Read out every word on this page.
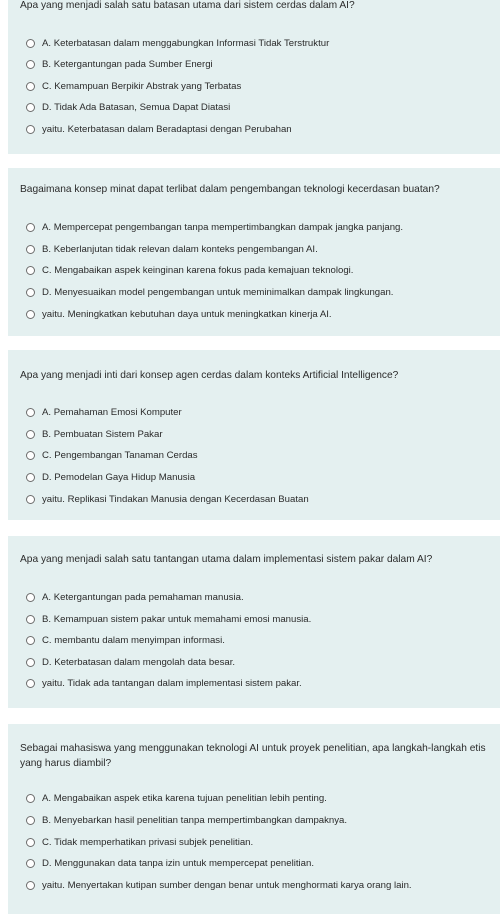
Apa yang menjadi salah satu batasan utama dari sistem cerdas dalam AI?
A. Keterbatasan dalam menggabungkan Informasi Tidak Terstruktur
B. Ketergantungan pada Sumber Energi
C. Kemampuan Berpikir Abstrak yang Terbatas
D. Tidak Ada Batasan, Semua Dapat Diatasi
yaitu. Keterbatasan dalam Beradaptasi dengan Perubahan
Bagaimana konsep minat dapat terlibat dalam pengembangan teknologi kecerdasan buatan?
A. Mempercepat pengembangan tanpa mempertimbangkan dampak jangka panjang.
B. Keberlanjutan tidak relevan dalam konteks pengembangan AI.
C. Mengabaikan aspek keinginan karena fokus pada kemajuan teknologi.
D. Menyesuaikan model pengembangan untuk meminimalkan dampak lingkungan.
yaitu. Meningkatkan kebutuhan daya untuk meningkatkan kinerja AI.
Apa yang menjadi inti dari konsep agen cerdas dalam konteks Artificial Intelligence?
A. Pemahaman Emosi Komputer
B. Pembuatan Sistem Pakar
C. Pengembangan Tanaman Cerdas
D. Pemodelan Gaya Hidup Manusia
yaitu. Replikasi Tindakan Manusia dengan Kecerdasan Buatan
Apa yang menjadi salah satu tantangan utama dalam implementasi sistem pakar dalam AI?
A. Ketergantungan pada pemahaman manusia.
B. Kemampuan sistem pakar untuk memahami emosi manusia.
C. membantu dalam menyimpan informasi.
D. Keterbatasan dalam mengolah data besar.
yaitu. Tidak ada tantangan dalam implementasi sistem pakar.
Sebagai mahasiswa yang menggunakan teknologi AI untuk proyek penelitian, apa langkah-langkah etis yang harus diambil?
A. Mengabaikan aspek etika karena tujuan penelitian lebih penting.
B. Menyebarkan hasil penelitian tanpa mempertimbangkan dampaknya.
C. Tidak memperhatikan privasi subjek penelitian.
D. Menggunakan data tanpa izin untuk mempercepat penelitian.
yaitu. Menyertakan kutipan sumber dengan benar untuk menghormati karya orang lain.
